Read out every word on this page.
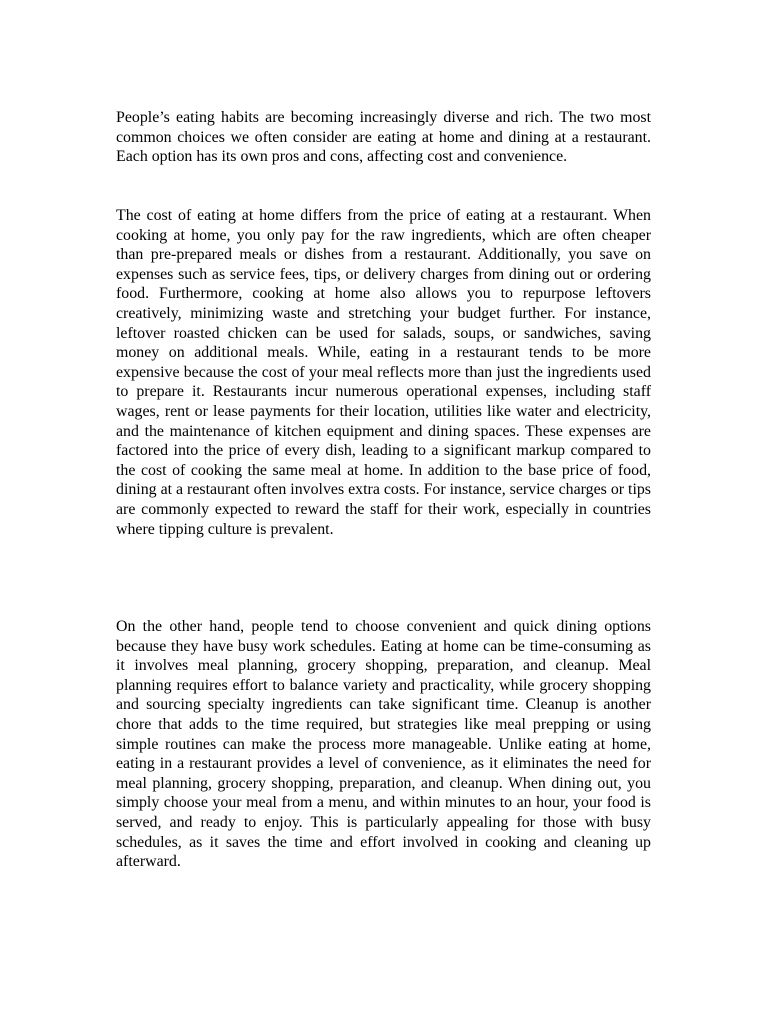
People’s eating habits are becoming increasingly diverse and rich. The two most common choices we often consider are eating at home and dining at a restaurant. Each option has its own pros and cons, affecting cost and convenience.

The cost of eating at home differs from the price of eating at a restaurant. When cooking at home, you only pay for the raw ingredients, which are often cheaper than pre-prepared meals or dishes from a restaurant. Additionally, you save on expenses such as service fees, tips, or delivery charges from dining out or ordering food. Furthermore, cooking at home also allows you to repurpose leftovers creatively, minimizing waste and stretching your budget further. For instance, leftover roasted chicken can be used for salads, soups, or sandwiches, saving money on additional meals. While, eating in a restaurant tends to be more expensive because the cost of your meal reflects more than just the ingredients used to prepare it. Restaurants incur numerous operational expenses, including staff wages, rent or lease payments for their location, utilities like water and electricity, and the maintenance of kitchen equipment and dining spaces. These expenses are factored into the price of every dish, leading to a significant markup compared to the cost of cooking the same meal at home. In addition to the base price of food, dining at a restaurant often involves extra costs. For instance, service charges or tips are commonly expected to reward the staff for their work, especially in countries where tipping culture is prevalent.

On the other hand, people tend to choose convenient and quick dining options because they have busy work schedules. Eating at home can be time-consuming as it involves meal planning, grocery shopping, preparation, and cleanup. Meal planning requires effort to balance variety and practicality, while grocery shopping and sourcing specialty ingredients can take significant time. Cleanup is another chore that adds to the time required, but strategies like meal prepping or using simple routines can make the process more manageable. Unlike eating at home, eating in a restaurant provides a level of convenience, as it eliminates the need for meal planning, grocery shopping, preparation, and cleanup. When dining out, you simply choose your meal from a menu, and within minutes to an hour, your food is served, and ready to enjoy. This is particularly appealing for those with busy schedules, as it saves the time and effort involved in cooking and cleaning up afterward.
